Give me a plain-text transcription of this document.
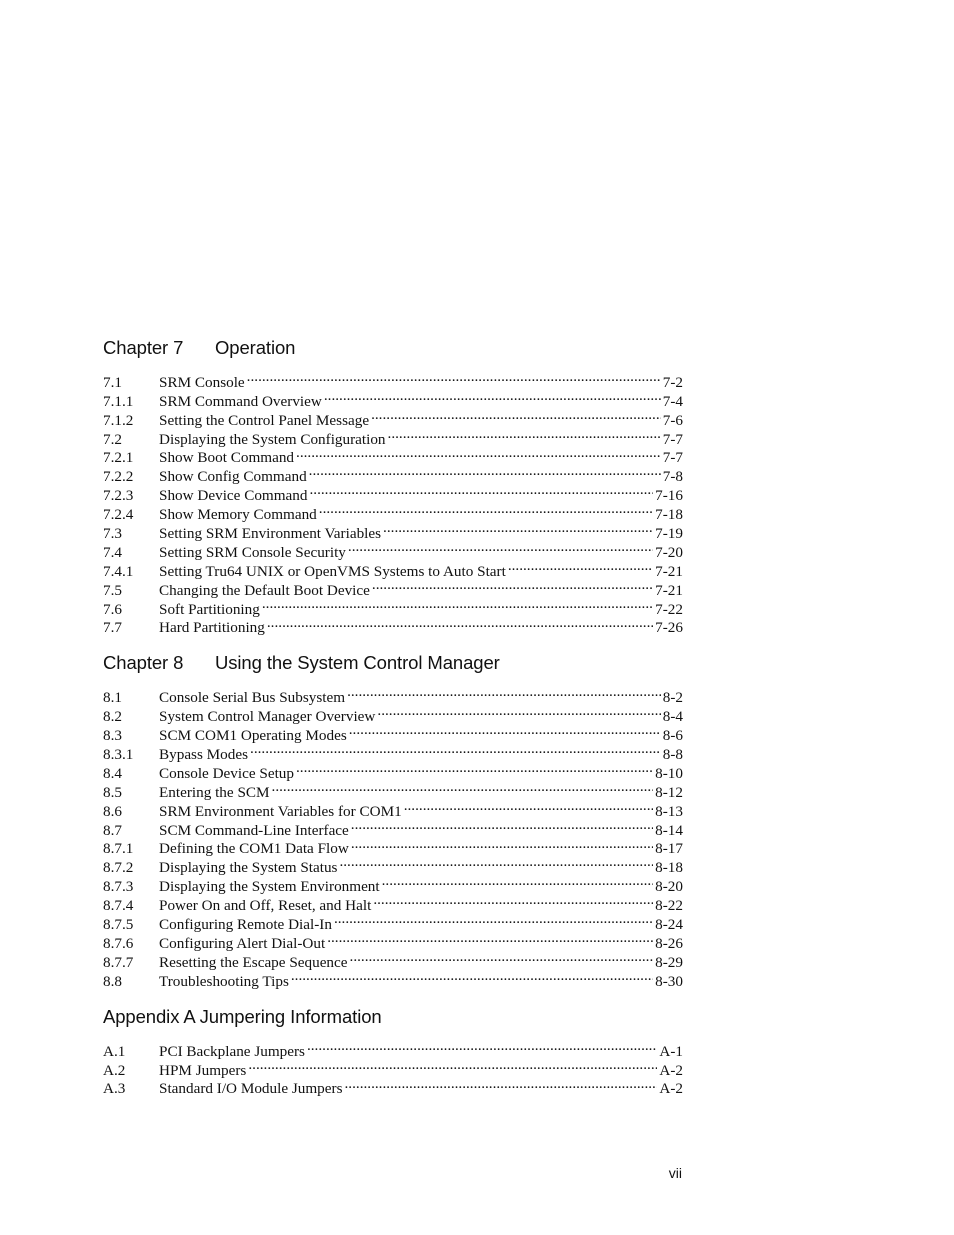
Chapter 7 Operation
7.1	SRM Console .....	7-2
7.1.1	SRM Command Overview .....	7-4
7.1.2	Setting the Control Panel Message .....	7-6
7.2	Displaying the System Configuration .....	7-7
7.2.1	Show Boot Command .....	7-7
7.2.2	Show Config Command .....	7-8
7.2.3	Show Device Command .....	7-16
7.2.4	Show Memory Command .....	7-18
7.3	Setting SRM Environment Variables .....	7-19
7.4	Setting SRM Console Security .....	7-20
7.4.1	Setting Tru64 UNIX or OpenVMS Systems to Auto Start .....	7-21
7.5	Changing the Default Boot Device .....	7-21
7.6	Soft Partitioning .....	7-22
7.7	Hard Partitioning .....	7-26
Chapter 8 Using the System Control Manager
8.1	Console Serial Bus Subsystem .....	8-2
8.2	System Control Manager Overview .....	8-4
8.3	SCM COM1 Operating Modes .....	8-6
8.3.1	Bypass Modes .....	8-8
8.4	Console Device Setup .....	8-10
8.5	Entering the SCM .....	8-12
8.6	SRM Environment Variables for COM1 .....	8-13
8.7	SCM Command-Line Interface .....	8-14
8.7.1	Defining the COM1 Data Flow .....	8-17
8.7.2	Displaying the System Status .....	8-18
8.7.3	Displaying the System Environment .....	8-20
8.7.4	Power On and Off, Reset, and Halt .....	8-22
8.7.5	Configuring Remote Dial-In .....	8-24
8.7.6	Configuring Alert Dial-Out .....	8-26
8.7.7	Resetting the Escape Sequence .....	8-29
8.8	Troubleshooting Tips .....	8-30
Appendix A Jumpering Information
A.1	PCI Backplane Jumpers .....	A-1
A.2	HPM Jumpers .....	A-2
A.3	Standard I/O Module Jumpers .....	A-2
vii
